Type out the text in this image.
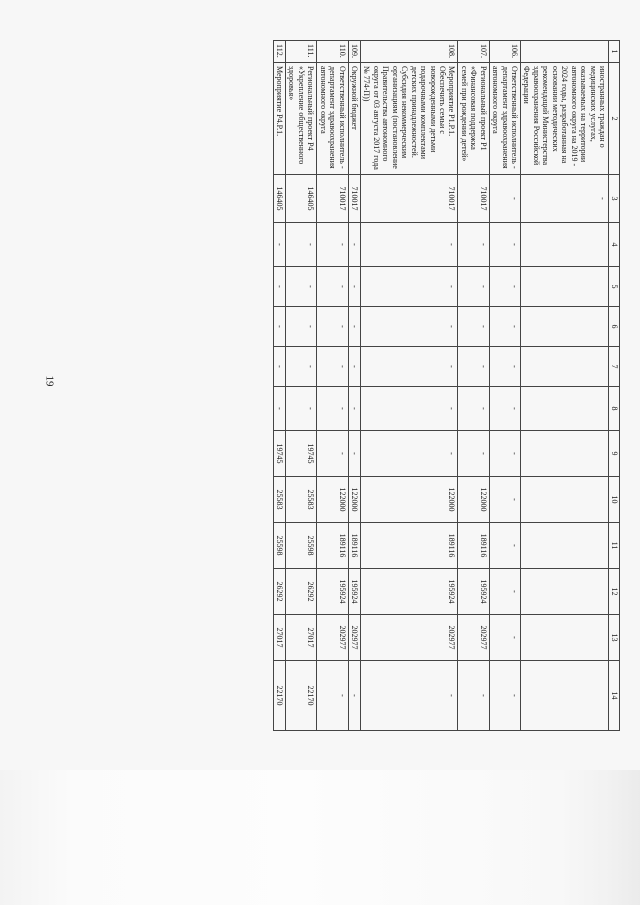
19
1	2	3	4	5	6	7	8	9	10	11	12	13	14
	иностранных граждан о медицинских услугах, оказываемых на территории автономного округа на 2019 - 2024 годы, разработанная на основании методических рекомендаций Министерства здравоохранения Российской Федерации	-											
106.	Ответственный исполнитель - департамент здравоохранения автономного округа	-	-	-	-	-	-	-	-	-	-	-	-
107.	Региональный проект P1 «Финансовая поддержка семей при рождении детей»	710017	-	-	-	-	-	-	122000	189116	195924	202977	-
108.	Мероприятие P1.P.1. Обеспечить семьи с новорожденными детьми подарочными комплектами детских принадлежностей. Субсидия некоммерческим организациям (постановление Правительства автономного округа от 03 августа 2017 года № 774-П))	710017	-	-	-	-	-	-	122000	189116	195924	202977	-
109.	Окружной бюджет	710017	-	-	-	-	-	-	122000	189116	195924	202977	-
110.	Ответственный исполнитель - департамент здравоохранения автономного округа	710017	-	-	-	-	-	-	122000	189116	195924	202977	-
111.	Региональный проект P4 «Укрепление общественного здоровья»	146405	-	-	-	-	-	19745	25583	25598	26292	27017	22170
112.	Мероприятие P4.P.1.	146405	-	-	-	-	-	19745	25583	25598	26292	27017	22170
